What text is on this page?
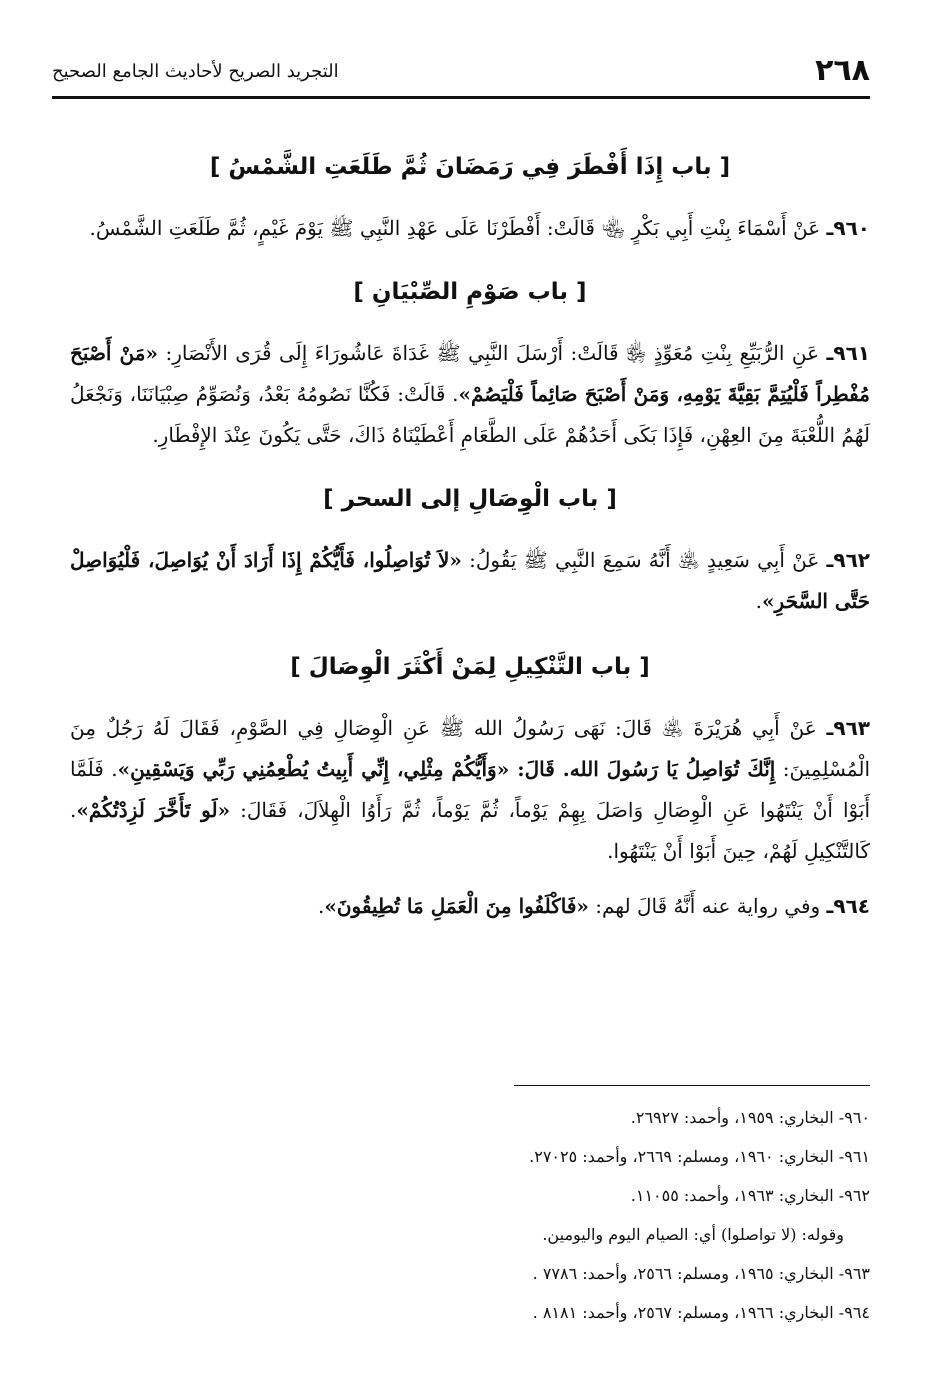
٢٦٨
التجريد الصريح لأحاديث الجامع الصحيح

[ باب إِذَا أَفْطَرَ فِي رَمَضَانَ ثُمَّ طَلَعَتِ الشَّمْسُ ]

٩٦٠ـ عَنْ أَسْمَاءَ بِنْتِ أَبِي بَكْرٍ ﵄ قَالَتْ: أَفْطَرْنَا عَلَى عَهْدِ النَّبِي ﷺ يَوْمَ غَيْمٍ، ثُمَّ طَلَعَتِ الشَّمْسُ.

[ باب صَوْمِ الصِّبْيَانِ ]

٩٦١ـ عَنِ الرُّبَيِّعِ بِنْتِ مُعَوِّذٍ ﵂ قَالَتْ: أَرْسَلَ النَّبِي ﷺ غَدَاةَ عَاشُورَاءَ إِلَى قُرَى الأَنْصَارِ: «مَنْ أَصْبَحَ مُفْطِراً فَلْيُتِمَّ بَقِيَّةَ يَوْمِهِ، وَمَنْ أَصْبَحَ صَائِماً فَلْيَصُمْ». قَالَتْ: فَكُنَّا نَصُومُهُ بَعْدُ، وَنُصَوِّمُ صِبْيَانَنَا، وَنَجْعَلُ لَهُمُ اللُّعْبَةَ مِنَ العِهْنِ، فَإِذَا بَكَى أَحَدُهُمْ عَلَى الطَّعَامِ أَعْطَيْنَاهُ ذَاكَ، حَتَّى يَكُونَ عِنْدَ الإِفْطَارِ.

[ باب الْوِصَالِ إلى السحر ]

٩٦٢ـ عَنْ أَبِي سَعِيدٍ ﵁ أَنَّهُ سَمِعَ النَّبِي ﷺ يَقُولُ: «لاَ تُوَاصِلُوا، فَأَيُّكُمْ إِذَا أَرَادَ أَنْ يُوَاصِلَ، فَلْيُوَاصِلْ حَتَّى السَّحَرِ».

[ باب التَّنْكِيلِ لِمَنْ أَكْثَرَ الْوِصَالَ ]

٩٦٣ـ عَنْ أَبِي هُرَيْرَةَ ﵁ قَالَ: نَهَى رَسُولُ الله ﷺ عَنِ الْوِصَالِ فِي الصَّوْمِ، فَقَالَ لَهُ رَجُلٌ مِنَ الْمُسْلِمِينَ: إِنَّكَ تُوَاصِلُ يَا رَسُولَ الله. قَالَ: «وَأَيُّكُمْ مِثْلِي، إِنِّي أَبِيتُ يُطْعِمُنِي رَبِّي وَيَسْقِينِ». فَلَمَّا أَبَوْا أَنْ يَنْتَهُوا عَنِ الْوِصَالِ وَاصَلَ بِهِمْ يَوْماً، ثُمَّ يَوْماً، ثُمَّ رَأَوُا الْهِلاَلَ، فَقَالَ: «لَو تَأَخَّرَ لَزِدْتُكُمْ». كَالتَّنْكِيلِ لَهُمْ، حِينَ أَبَوْا أَنْ يَنْتَهُوا.

٩٦٤ـ وفي رواية عنه أَنَّهُ قَالَ لهم: «فَاكْلَفُوا مِنَ الْعَمَلِ مَا تُطِيقُونَ».

٩٦٠- البخاري: ١٩٥٩، وأحمد: ٢٦٩٢٧.

٩٦١- البخاري: ١٩٦٠، ومسلم: ٢٦٦٩، وأحمد: ٢٧٠٢٥.

٩٦٢- البخاري: ١٩٦٣، وأحمد: ١١٠٥٥.

وقوله: (لا تواصلوا) أي: الصيام اليوم واليومين.

٩٦٣- البخاري: ١٩٦٥، ومسلم: ٢٥٦٦، وأحمد: ٧٧٨٦ .

٩٦٤- البخاري: ١٩٦٦، ومسلم: ٢٥٦٧، وأحمد: ٨١٨١ .
